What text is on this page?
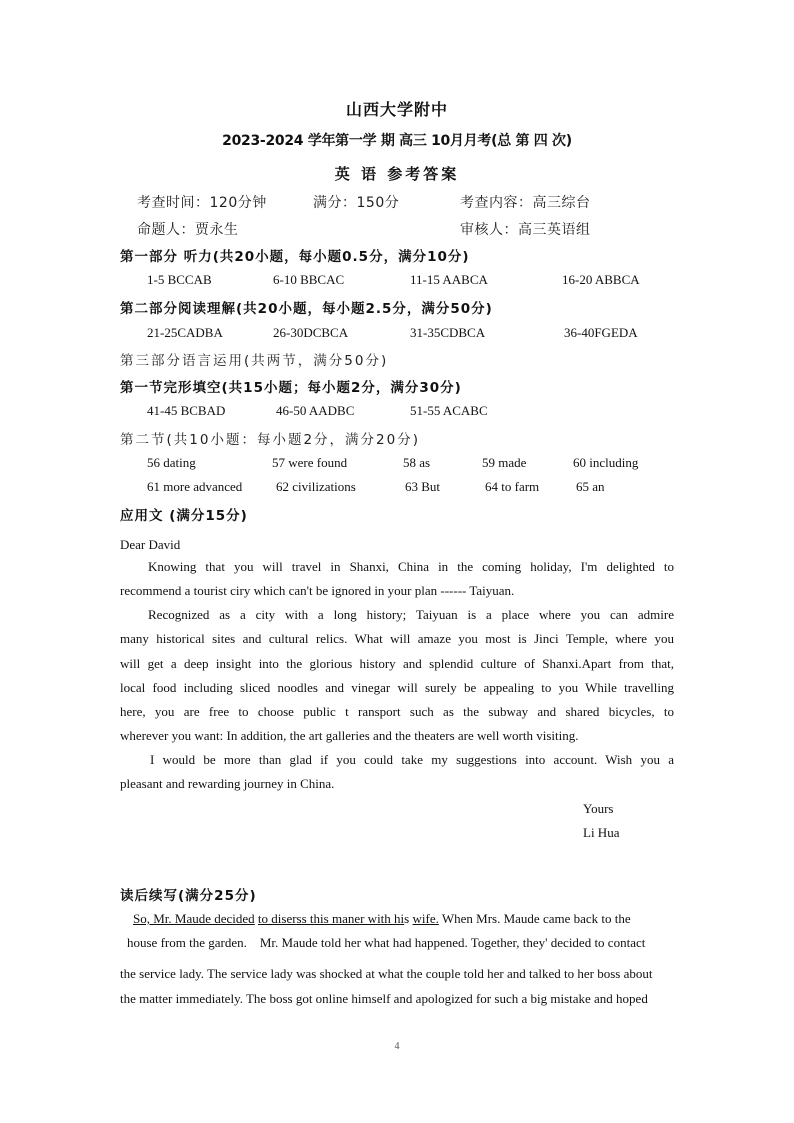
山西大学附中
2023-2024 学年第一学 期 高三 10月月考(总 第 四 次)
英 语 参考答案
考查时间：120分钟	满分：150分	考查内容：高三综台
命题人：贾永生	审核人：高三英语组
第一部分 听力(共20小题，每小题0.5分，满分10分)
1-5 BCCAB	6-10 BBCAC	11-15 AABCA	16-20 ABBCA
第二部分阅读理解(共20小题，每小题2.5分，满分50分)
21-25CADBA	26-30DCBCA	31-35CDBCA	36-40FGEDA
第三部分语言运用(共两节，满分50分)
第一节完形填空(共15小题；每小题2分，满分30分)
41-45 BCBAD	46-50 AADBC	51-55 ACABC
第二节(共10小题：每小题2分，满分20分)
56 dating	57 were found	58 as	59 made	60 including
61 more advanced	62 civilizations	63 But	64 to farm	65 an
应用文 (满分15分)
Dear David
Knowing that you will travel in Shanxi, China in the coming holiday, I'm delighted to
recommend a tourist ciry which can't be ignored in your plan ------ Taiyuan.
Recognized as a city with a long history; Taiyuan is a place where you can admire
many historical sites and cultural relics. What will amaze you most is Jinci Temple, where you
will get a deep insight into the glorious history and splendid culture of Shanxi.Apart from that,
local food including sliced noodles and vinegar will surely be appealing to you While travelling
here, you are free to choose public t ransport such as the subway and shared bicycles, to
wherever you want: In addition, the art galleries and the theaters are well worth visiting.
I would be more than glad if you could take my suggestions into account. Wish you a
pleasant and rewarding journey in China.
Yours
Li Hua
读后续写(满分25分)
So, Mr. Maude decided to diserss this maner with his wife. When Mrs. Maude came back to the
house from the garden.    Mr. Maude told her what had happened. Together, they' decided to contact
the service lady. The service lady was shocked at what the couple told her and talked to her boss about
the matter immediately. The boss got online himself and apologized for such a big mistake and hoped
4
